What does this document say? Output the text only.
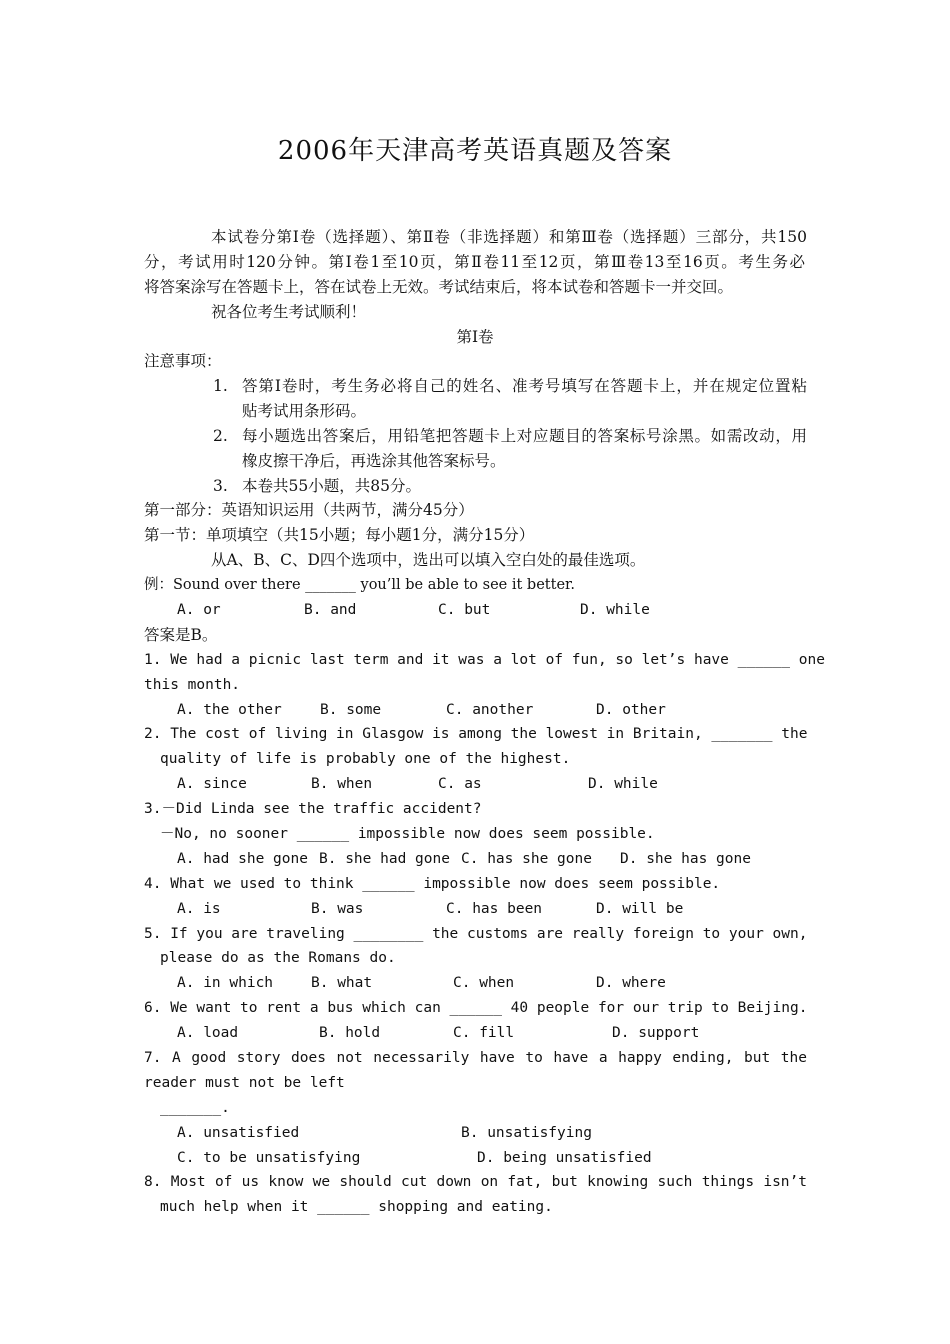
2006年天津高考英语真题及答案
本试卷分第Ⅰ卷（选择题）、第Ⅱ卷（非选择题）和第Ⅲ卷（选择题）三部分，共150
分，考试用时120分钟。第Ⅰ卷1至10页，第Ⅱ卷11至12页，第Ⅲ卷13至16页。考生务必
将答案涂写在答题卡上，答在试卷上无效。考试结束后，将本试卷和答题卡一并交回。
祝各位考生考试顺利！
第Ⅰ卷
注意事项：
1. 答第Ⅰ卷时，考生务必将自己的姓名、准考号填写在答题卡上，并在规定位置粘
贴考试用条形码。
2. 每小题选出答案后，用铅笔把答题卡上对应题目的答案标号涂黑。如需改动，用
橡皮擦干净后，再选涂其他答案标号。
3. 本卷共55小题，共85分。
第一部分：英语知识运用（共两节，满分45分）
第一节：单项填空（共15小题；每小题1分，满分15分）
从A、B、C、D四个选项中，选出可以填入空白处的最佳选项。
例：Sound over there _______ you’ll be able to see it better.
A. or	B. and	C. but	D. while
答案是B。
1. We had a picnic last term and it was a lot of fun, so let’s have ______ one
this month.
A. the other	B. some	C. another	D. other
2. The cost of living in Glasgow is among the lowest in Britain, _______ the
quality of life is probably one of the highest.
A. since	B. when	C. as	D. while
3.－Did Linda see the traffic accident?
－No, no sooner ______ impossible now does seem possible.
A. had she gone B. she had gone C. has she gone D. she has gone
4. What we used to think ______ impossible now does seem possible.
A. is	B. was	C. has been	D. will be
5. If you are traveling ________ the customs are really foreign to your own,
please do as the Romans do.
A. in which	B. what	C. when	D. where
6. We want to rent a bus which can ______ 40 people for our trip to Beijing.
A. load	B. hold	C. fill	D. support
7. A good story does not necessarily have to have a happy ending, but the
reader must not be left
_______.
A. unsatisfied	B. unsatisfying
C. to be unsatisfying	D. being unsatisfied
8. Most of us know we should cut down on fat, but knowing such things isn’t
much help when it ______ shopping and eating.
